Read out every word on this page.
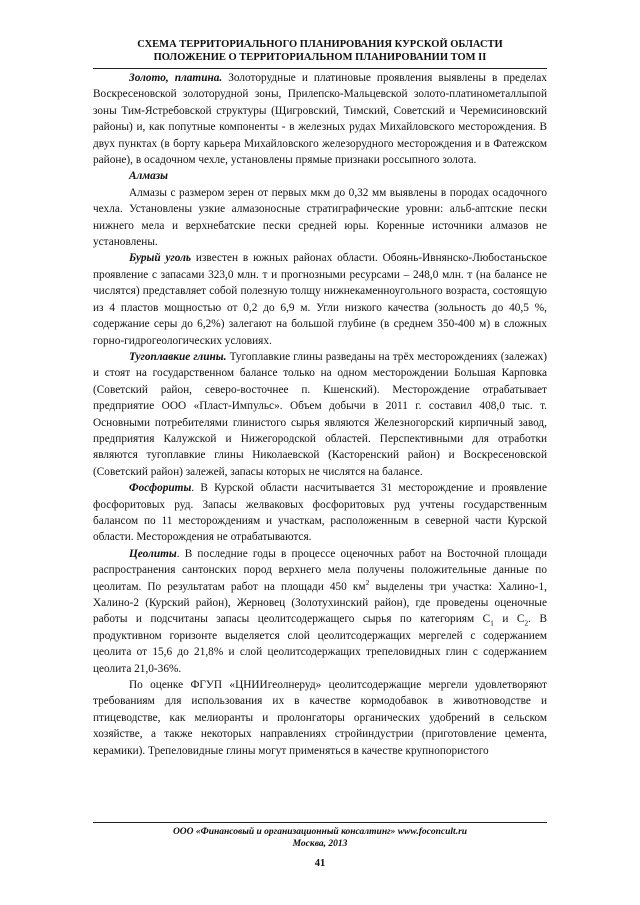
СХЕМА ТЕРРИТОРИАЛЬНОГО ПЛАНИРОВАНИЯ КУРСКОЙ ОБЛАСТИ
ПОЛОЖЕНИЕ О ТЕРРИТОРИАЛЬНОМ ПЛАНИРОВАНИИ ТОМ II

Золото, платина. Золоторудные и платиновые проявления выявлены в пределах Воскресеновской золоторудной зоны, Прилепско-Мальцевской золото-платинометаллыпой зоны Тим-Ястребовской структуры (Щигровский, Тимский, Советский и Черемисиновский районы) и, как попутные компоненты - в железных рудах Михайловского месторождения. В двух пунктах (в борту карьера Михайловского железорудного месторождения и в Фатежском районе), в осадочном чехле, установлены прямые признаки россыпного золота.

Алмазы

Алмазы с размером зерен от первых мкм до 0,32 мм выявлены в породах осадочного чехла. Установлены узкие алмазоносные стратиграфические уровни: альб-аптские пески нижнего мела и верхнебатские пески средней юры. Коренные источники алмазов не установлены.

Бурый уголь известен в южных районах области. Обоянь-Ивнянско-Любостаньское проявление с запасами 323,0 млн. т и прогнозными ресурсами – 248,0 млн. т (на балансе не числятся) представляет собой полезную толщу нижнекаменноугольного возраста, состоящую из 4 пластов мощностью от 0,2 до 6,9 м. Угли низкого качества (зольность до 40,5 %, содержание серы до 6,2%) залегают на большой глубине (в среднем 350-400 м) в сложных горно-гидрогеологических условиях.

Тугоплавкие глины. Тугоплавкие глины разведаны на трёх месторождениях (залежах) и стоят на государственном балансе только на одном месторождении Большая Карповка (Советский район, северо-восточнее п. Кшенский). Месторождение отрабатывает предприятие ООО «Пласт-Импульс». Объем добычи в 2011 г. составил 408,0 тыс. т. Основными потребителями глинистого сырья являются Железногорский кирпичный завод, предприятия Калужской и Нижегородской областей. Перспективными для отработки являются тугоплавкие глины Николаевской (Касторенский район) и Воскресеновской (Советский район) залежей, запасы которых не числятся на балансе.

Фосфориты. В Курской области насчитывается 31 месторождение и проявление фосфоритовых руд. Запасы желваковых фосфоритовых руд учтены государственным балансом по 11 месторождениям и участкам, расположенным в северной части Курской области. Месторождения не отрабатываются.

Цеолиты. В последние годы в процессе оценочных работ на Восточной площади распространения сантонских пород верхнего мела получены положительные данные по цеолитам. По результатам работ на площади 450 $км^2$ выделены три участка: Халино-1, Халино-2 (Курский район), Жерновец (Золотухинский район), где проведены оценочные работы и подсчитаны запасы цеолитсодержащего сырья по категориям $С_1$ и $С_2$. В продуктивном горизонте выделяется слой цеолитсодержащих мергелей с содержанием цеолита от 15,6 до 21,8% и слой цеолитсодержащих трепеловидных глин с содержанием цеолита 21,0-36%.

По оценке ФГУП «ЦНИИгеолнеруд» цеолитсодержащие мергели удовлетворяют требованиям для использования их в качестве кормодобавок в животноводстве и птицеводстве, как мелиоранты и пролонгаторы органических удобрений в сельском хозяйстве, а также некоторых направлениях стройиндустрии (приготовление цемента, керамики). Трепеловидные глины могут применяться в качестве крупнопористого

ООО «Финансовый и организационный консалтинг» www.foconcult.ru
Москва, 2013
41
